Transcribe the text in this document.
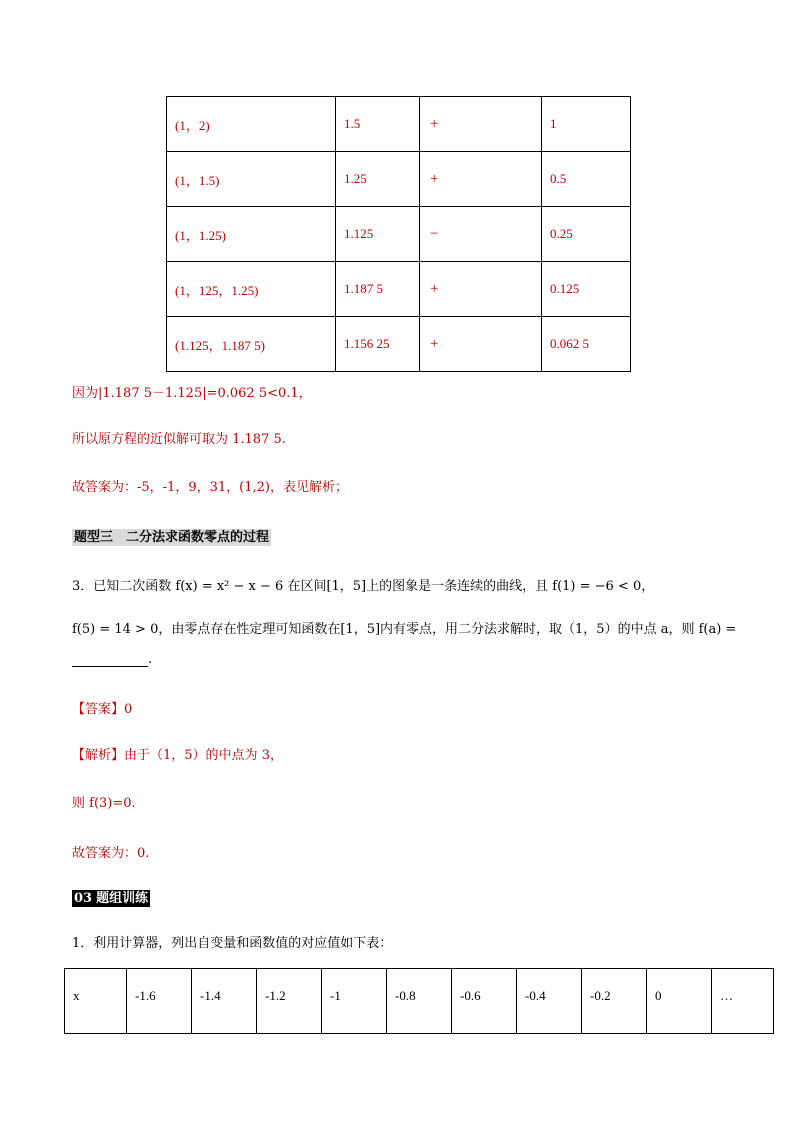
(1，2)	1.5	+	1
(1，1.5)	1.25	+	0.5
(1，1.25)	1.125	−	0.25
(1，125，1.25)	1.187 5	+	0.125
(1.125，1.187 5)	1.156 25	+	0.062 5
因为|1.187 5－1.125|=0.062 5<0.1，
所以原方程的近似解可取为 1.187 5.
故答案为：-5，-1，9，31，(1,2)，表见解析；
题型三　二分法求函数零点的过程
3．已知二次函数 f(x) = x² − x − 6 在区间[1，5]上的图象是一条连续的曲线，且 f(1) = −6 < 0，
f(5) = 14 > 0，由零点存在性定理可知函数在[1，5]内有零点，用二分法求解时，取（1，5）的中点 a，则 f(a) =
.
【答案】0
【解析】由于（1，5）的中点为 3，
则 f(3)=0.
故答案为：0.
03 题组训练
1．利用计算器，列出自变量和函数值的对应值如下表：
x	-1.6	-1.4	-1.2	-1	-0.8	-0.6	-0.4	-0.2	0	…
